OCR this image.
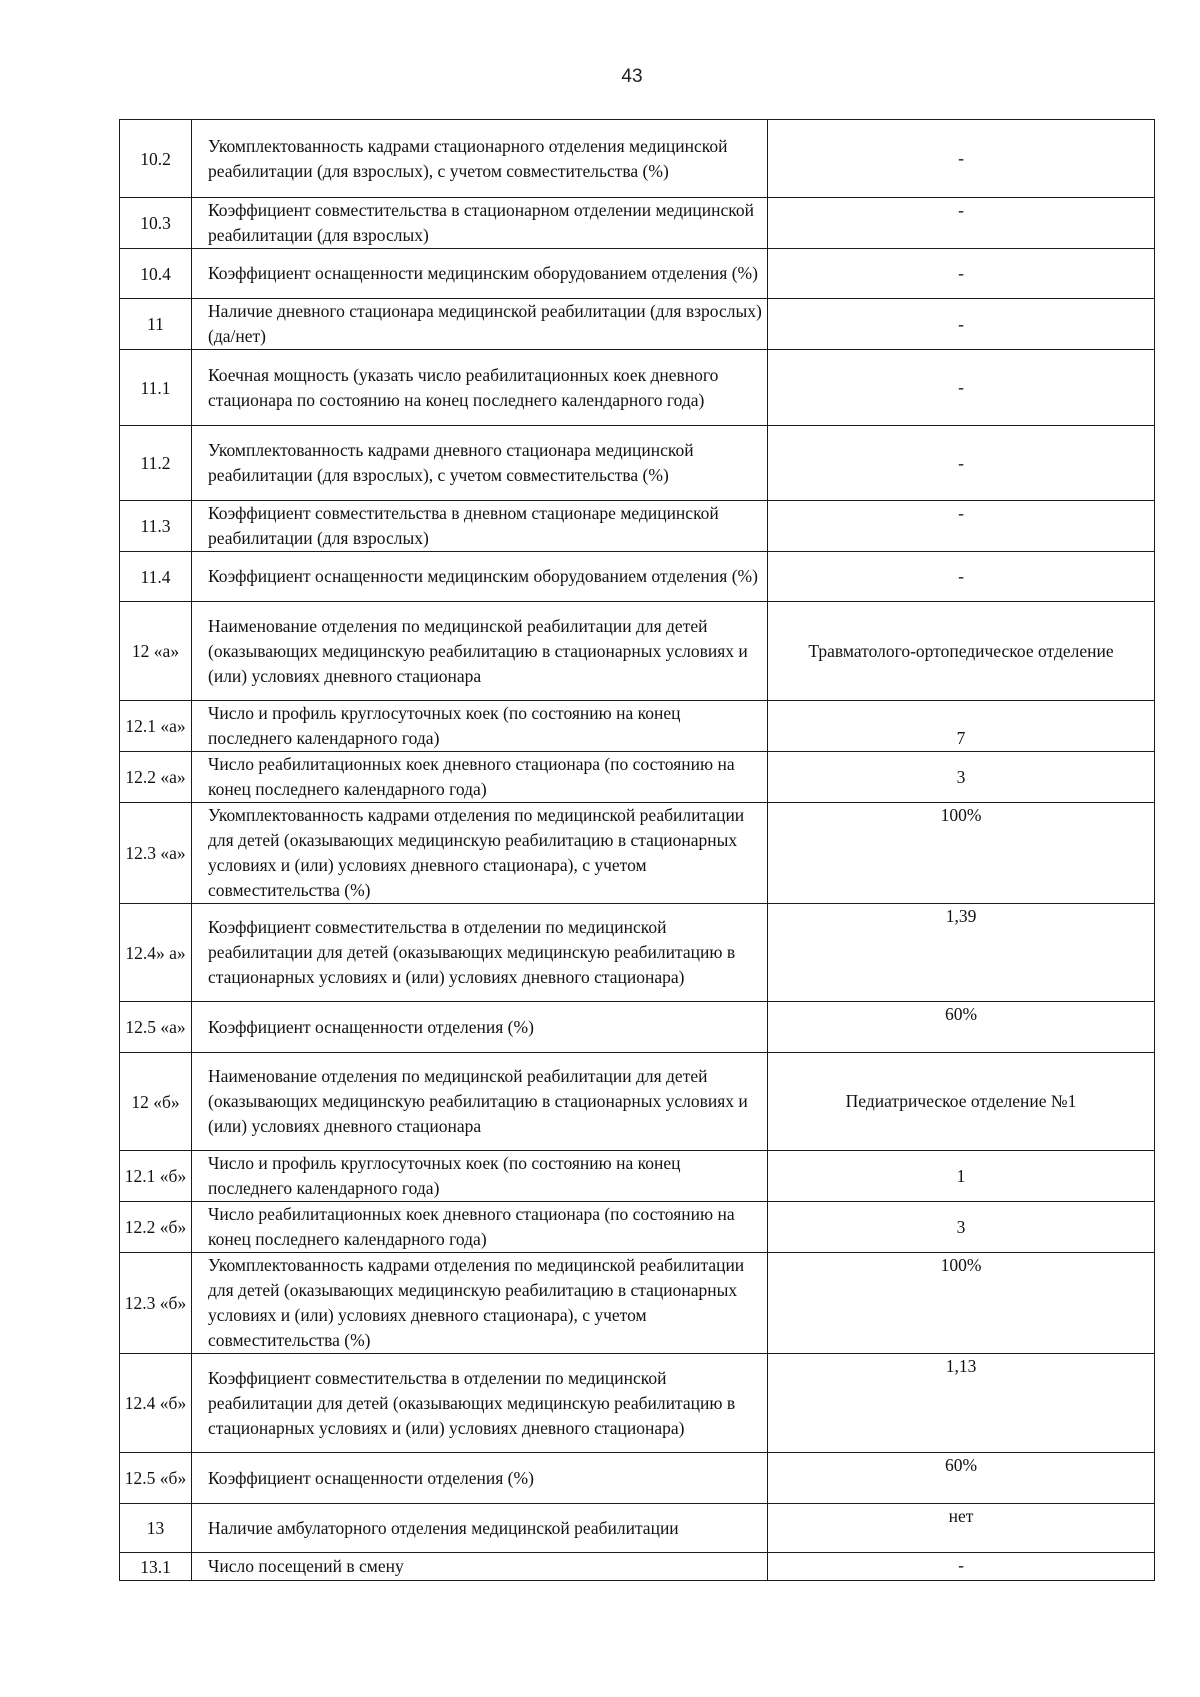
43
10.2	Укомплектованность кадрами стационарного отделения медицинской реабилитации (для взрослых), с учетом совместительства (%)	-
10.3	Коэффициент совместительства в стационарном отделении медицинской реабилитации (для взрослых)	-
10.4	Коэффициент оснащенности медицинским оборудованием отделения (%)	-
11	Наличие дневного стационара медицинской реабилитации (для взрослых) (да/нет)	-
11.1	Коечная мощность (указать число реабилитационных коек дневного стационара по состоянию на конец последнего календарного года)	-
11.2	Укомплектованность кадрами дневного стационара медицинской реабилитации (для взрослых), с учетом совместительства (%)	-
11.3	Коэффициент совместительства в дневном стационаре медицинской реабилитации (для взрослых)	-
11.4	Коэффициент оснащенности медицинским оборудованием отделения (%)	-
12 «а»	Наименование отделения по медицинской реабилитации для детей (оказывающих медицинскую реабилитацию в стационарных условиях и (или) условиях дневного стационара	Травматолого-ортопедическое отделение
12.1 «а»	Число и профиль круглосуточных коек (по состоянию на конец последнего календарного года)	7
12.2 «а»	Число реабилитационных коек дневного стационара (по состоянию на конец последнего календарного года)	3
12.3 «а»	Укомплектованность кадрами отделения по медицинской реабилитации для детей (оказывающих медицинскую реабилитацию в стационарных условиях и (или) условиях дневного стационара), с учетом совместительства (%)	100%
12.4» а»	Коэффициент совместительства в отделении по медицинской реабилитации для детей (оказывающих медицинскую реабилитацию в стационарных условиях и (или) условиях дневного стационара)	1,39
12.5 «а»	Коэффициент оснащенности отделения (%)	60%
12 «б»	Наименование отделения по медицинской реабилитации для детей (оказывающих медицинскую реабилитацию в стационарных условиях и (или) условиях дневного стационара	Педиатрическое отделение №1
12.1 «б»	Число и профиль круглосуточных коек (по состоянию на конец последнего календарного года)	1
12.2 «б»	Число реабилитационных коек дневного стационара (по состоянию на конец последнего календарного года)	3
12.3 «б»	Укомплектованность кадрами отделения по медицинской реабилитации для детей (оказывающих медицинскую реабилитацию в стационарных условиях и (или) условиях дневного стационара), с учетом совместительства (%)	100%
12.4 «б»	Коэффициент совместительства в отделении по медицинской реабилитации для детей (оказывающих медицинскую реабилитацию в стационарных условиях и (или) условиях дневного стационара)	1,13
12.5 «б»	Коэффициент оснащенности отделения (%)	60%
13	Наличие амбулаторного отделения медицинской реабилитации	нет
13.1	Число посещений в смену	-
